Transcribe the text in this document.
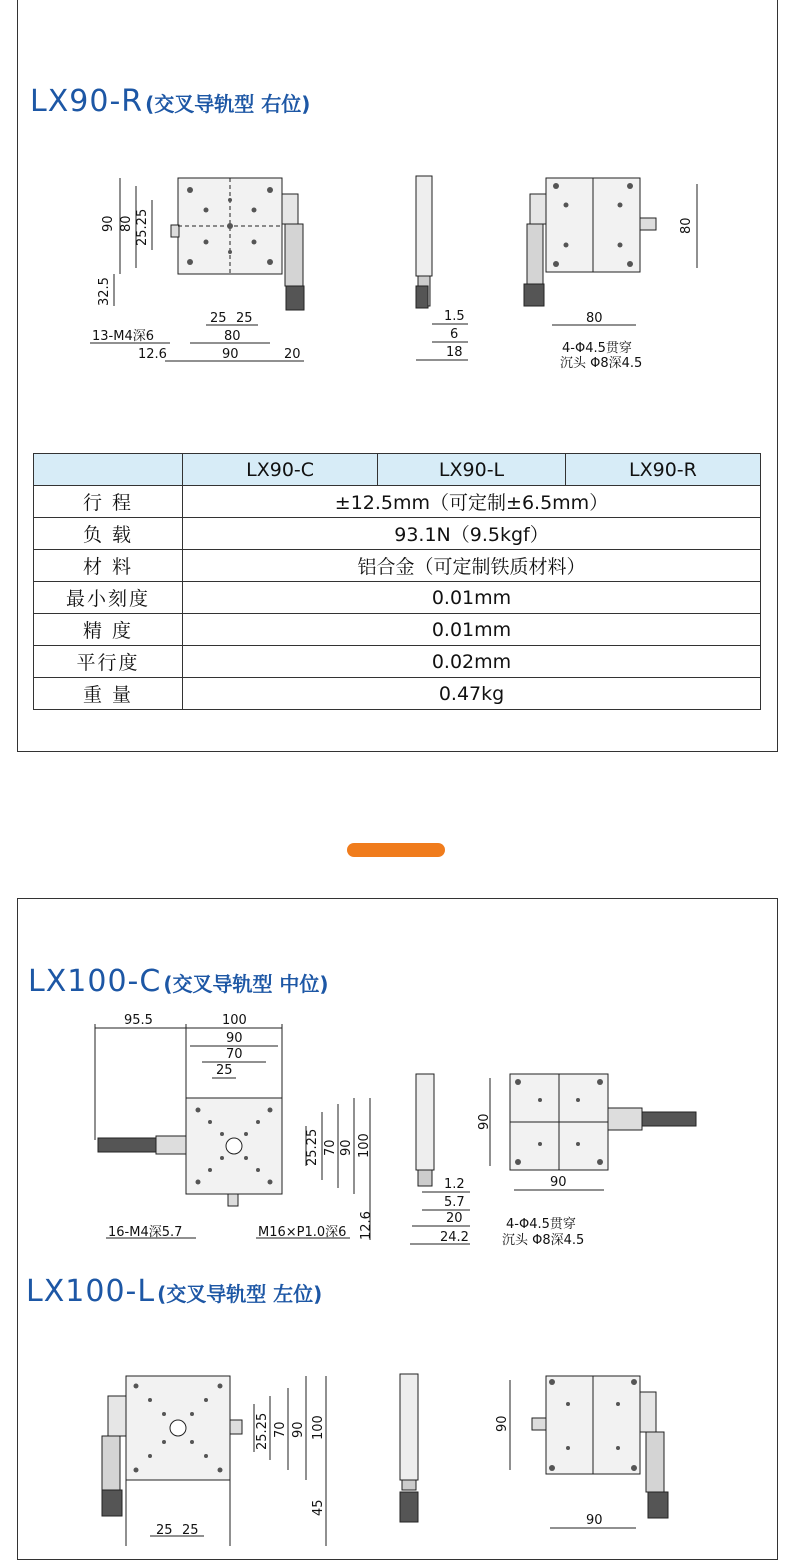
LX90-R (交叉导轨型 右位)
90 80 25.25
32.5
25 25
80
90	20
12.6
13-M4深6
1.5
6
18
80
80
4-Φ4.5贯穿
沉头 Φ8深4.5
	LX90-C	LX90-L	LX90-R
行 程	±12.5mm（可定制±6.5mm）		
负 载	93.1N（9.5kgf）		
材 料	铝合金（可定制铁质材料）		
最小刻度	0.01mm		
精 度	0.01mm		
平行度	0.02mm		
重 量	0.47kg		
LX100-C (交叉导轨型 中位)
95.5	100
90
70
25
25.25 70 90 100
12.6
16-M4深5.7	M16×P1.0深6
1.2
5.7
20
24.2
90
90
4-Φ4.5贯穿
沉头 Φ8深4.5
LX100-L (交叉导轨型 左位)
25.25 70 90 100
45
25 25
90
90
